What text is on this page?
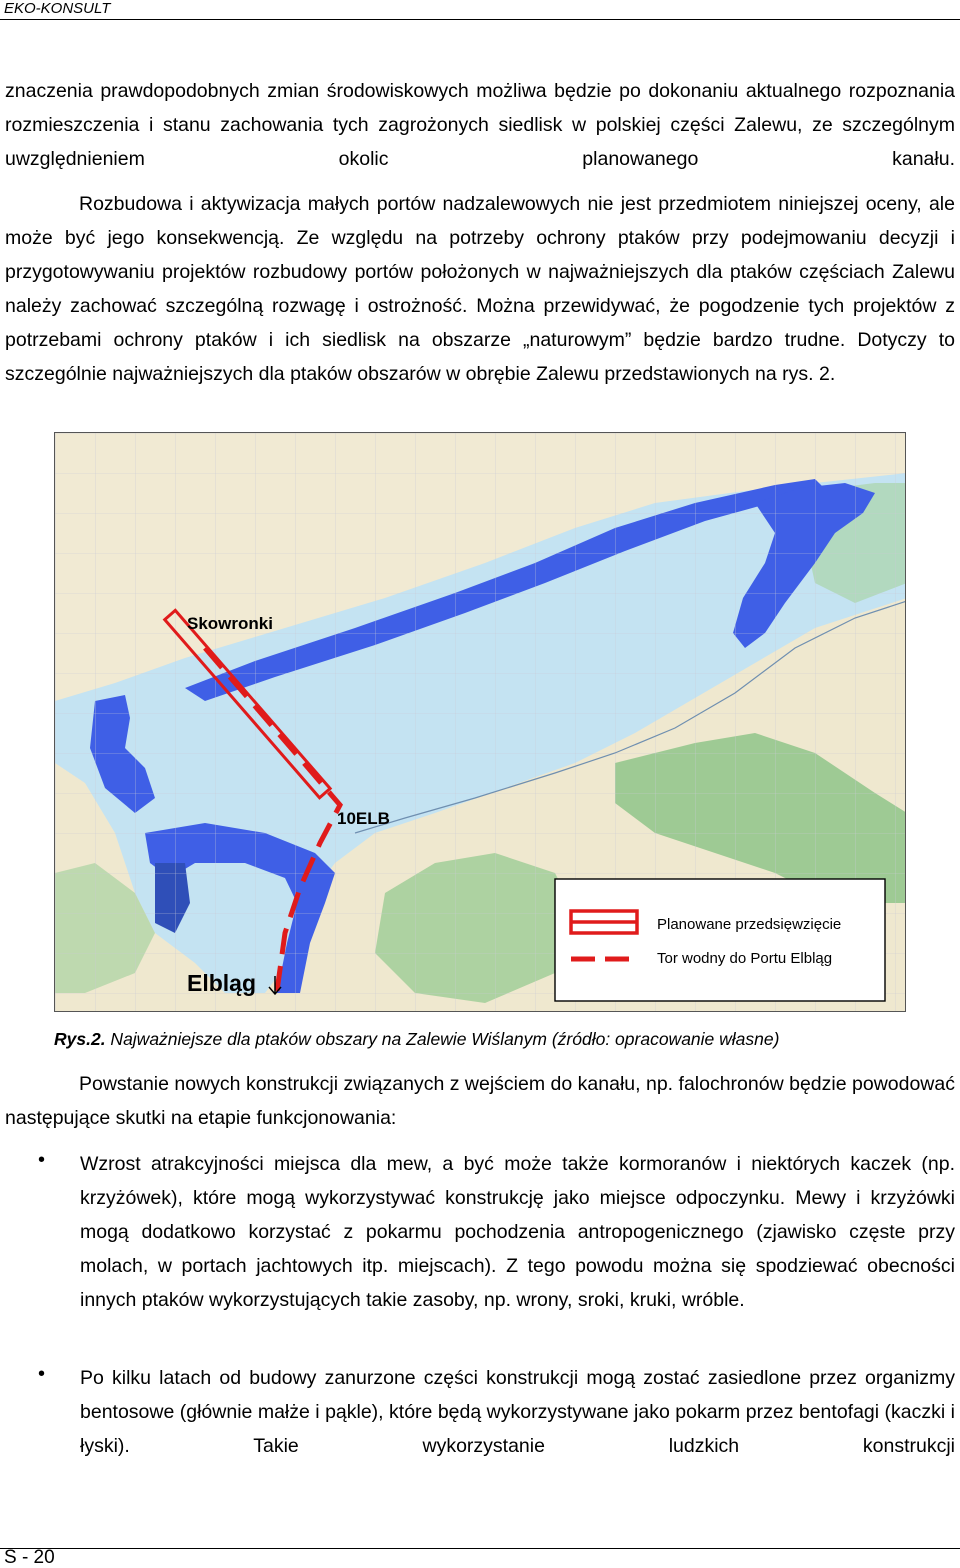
EKO-KONSULT
znaczenia prawdopodobnych zmian środowiskowych możliwa będzie po dokonaniu aktualnego rozpoznania rozmieszczenia i stanu zachowania tych zagrożonych siedlisk w polskiej części Zalewu, ze szczególnym uwzględnieniem okolic planowanego kanału.
Rozbudowa i aktywizacja małych portów nadzalewowych nie jest przedmiotem niniejszej oceny, ale może być jego konsekwencją. Ze względu na potrzeby ochrony ptaków przy podejmowaniu decyzji i przygotowywaniu projektów rozbudowy portów położonych w najważniejszych dla ptaków częściach Zalewu należy zachować szczególną rozwagę i ostrożność. Można przewidywać, że pogodzenie tych projektów z potrzebami ochrony ptaków i ich siedlisk na obszarze „naturowym” będzie bardzo trudne. Dotyczy to szczególnie najważniejszych dla ptaków obszarów w obrębie Zalewu przedstawionych na rys. 2.
Skowronki
10ELB
Elbląg
Planowane przedsięwzięcie
Tor wodny do Portu Elbląg
Rys.2. Najważniejsze dla ptaków obszary na Zalewie Wiślanym (źródło: opracowanie własne)
Powstanie nowych konstrukcji związanych z wejściem do kanału, np. falochronów będzie powodować następujące skutki na etapie funkcjonowania:
• Wzrost atrakcyjności miejsca dla mew, a być może także kormoranów i niektórych kaczek (np. krzyżówek), które mogą wykorzystywać konstrukcję jako miejsce odpoczynku. Mewy i krzyżówki mogą dodatkowo korzystać z pokarmu pochodzenia antropogenicznego (zjawisko częste przy molach, w portach jachtowych itp. miejscach). Z tego powodu można się spodziewać obecności innych ptaków wykorzystujących takie zasoby, np. wrony, sroki, kruki, wróble.
• Po kilku latach od budowy zanurzone części konstrukcji mogą zostać zasiedlone przez organizmy bentosowe (głównie małże i pąkle), które będą wykorzystywane jako pokarm przez bentofagi (kaczki i łyski). Takie wykorzystanie ludzkich konstrukcji
S - 20
